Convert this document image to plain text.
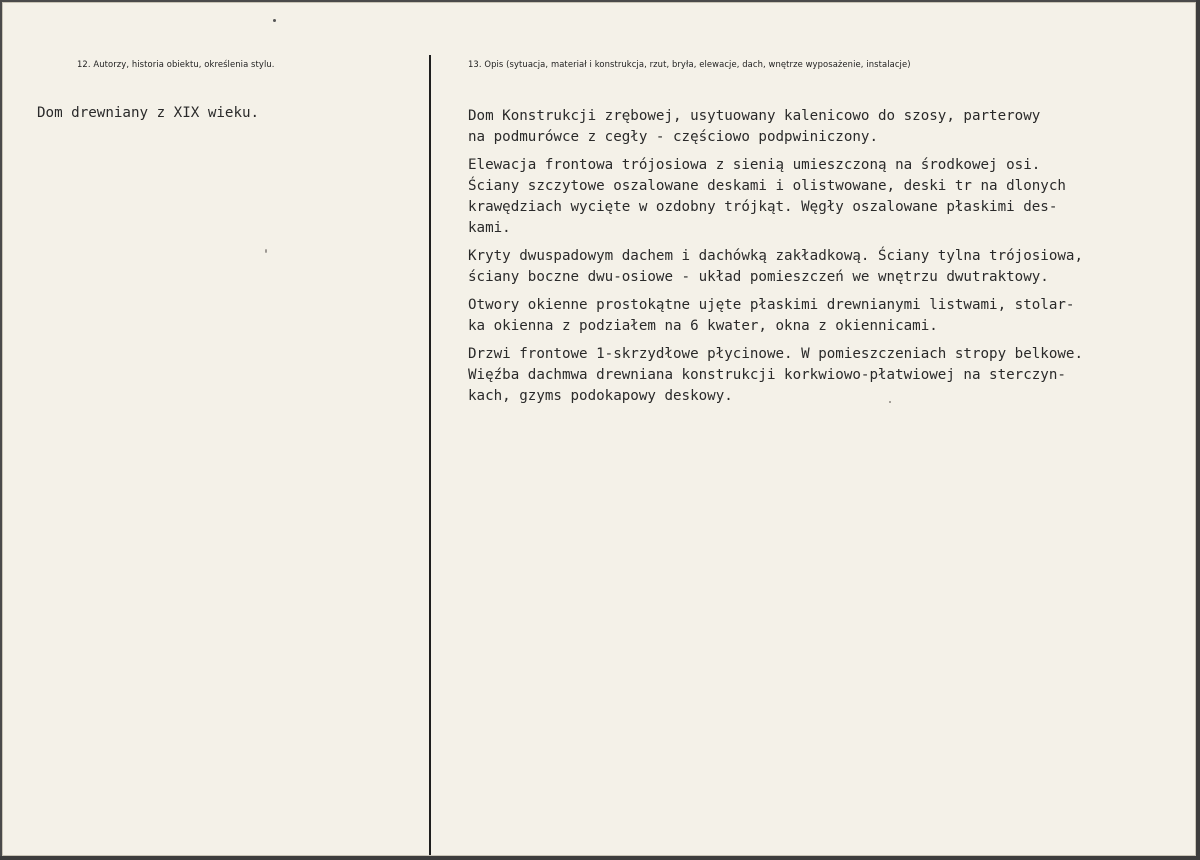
12. Autorzy, historia obiektu, określenia stylu.	13. Opis (sytuacja, materiał i konstrukcja, rzut, bryła, elewacje, dach, wnętrze wyposażenie, instalacje)
Dom drewniany z XIX wieku.	Dom Konstrukcji zrębowej, usytuowany kalenicowo do szosy, parterowy
na podmurówce z cegły - częściowo podpwiniczony.

Elewacja frontowa trójosiowa z sienią umieszczoną na środkowej osi.
Ściany szczytowe oszalowane deskami i olistwowane, deski tr na dlonych
krawędziach wycięte w ozdobny trójkąt. Węgły oszalowane płaskimi des-
kami.

Kryty dwuspadowym dachem i dachówką zakładkową. Ściany tylna trójosiowa,
ściany boczne dwu-osiowe - układ pomieszczeń we wnętrzu dwutraktowy.

Otwory okienne prostokątne ujęte płaskimi drewnianymi listwami, stolar-
ka okienna z podziałem na 6 kwater, okna z okiennicami.

Drzwi frontowe 1-skrzydłowe płycinowe. W pomieszczeniach stropy belkowe.
Więźba dachmwa drewniana konstrukcji korkwiowo-płatwiowej na sterczyn-
kach, gzyms podokapowy deskowy.
